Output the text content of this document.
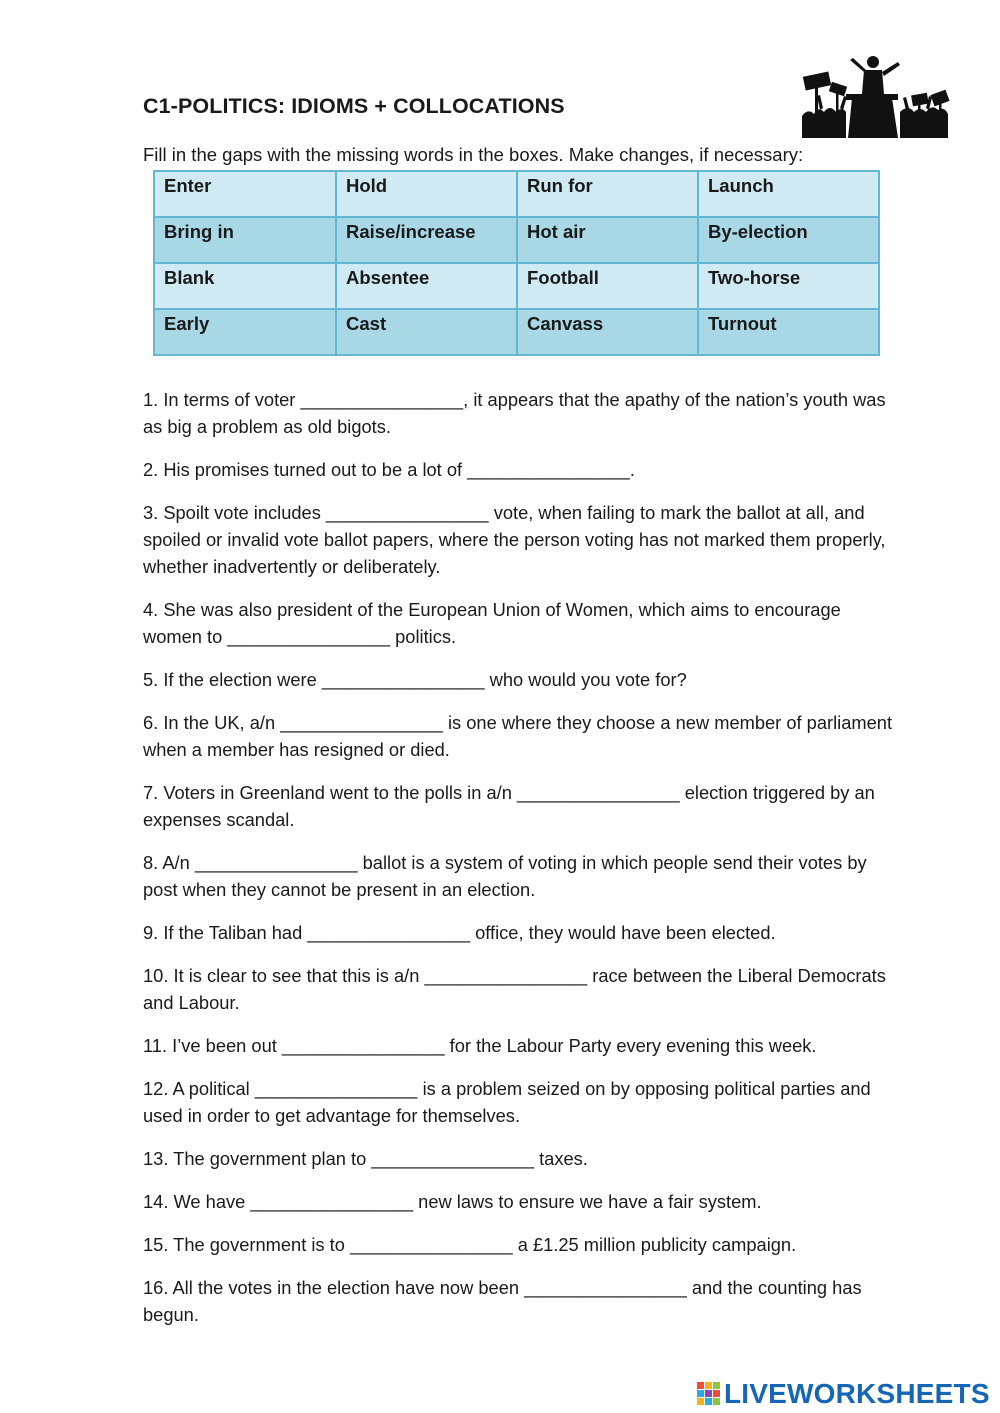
C1-POLITICS: IDIOMS + COLLOCATIONS
Fill in the gaps with the missing words in the boxes. Make changes, if necessary:
Enter	Hold	Run for	Launch
Bring in	Raise/increase	Hot air	By-election
Blank	Absentee	Football	Two-horse
Early	Cast	Canvass	Turnout

1. In terms of voter ________________, it appears that the apathy of the nation’s youth was as big a problem as old bigots.

2. His promises turned out to be a lot of ________________.

3. Spoilt vote includes ________________ vote, when failing to mark the ballot at all, and spoiled or invalid vote ballot papers, where the person voting has not marked them properly, whether inadvertently or deliberately.

4. She was also president of the European Union of Women, which aims to encourage women to ________________ politics.

5. If the election were ________________ who would you vote for?

6. In the UK, a/n ________________ is one where they choose a new member of parliament when a member has resigned or died.

7. Voters in Greenland went to the polls in a/n ________________ election triggered by an expenses scandal.

8. A/n ________________ ballot is a system of voting in which people send their votes by post when they cannot be present in an election.

9. If the Taliban had ________________ office, they would have been elected.

10. It is clear to see that this is a/n ________________ race between the Liberal Democrats and Labour.

11. I’ve been out ________________ for the Labour Party every evening this week.

12. A political ________________ is a problem seized on by opposing political parties and used in order to get advantage for themselves.

13. The government plan to ________________ taxes.

14. We have ________________ new laws to ensure we have a fair system.

15. The government is to ________________ a £1.25 million publicity campaign.

16. All the votes in the election have now been ________________ and the counting has begun.

LIVEWORKSHEETS
